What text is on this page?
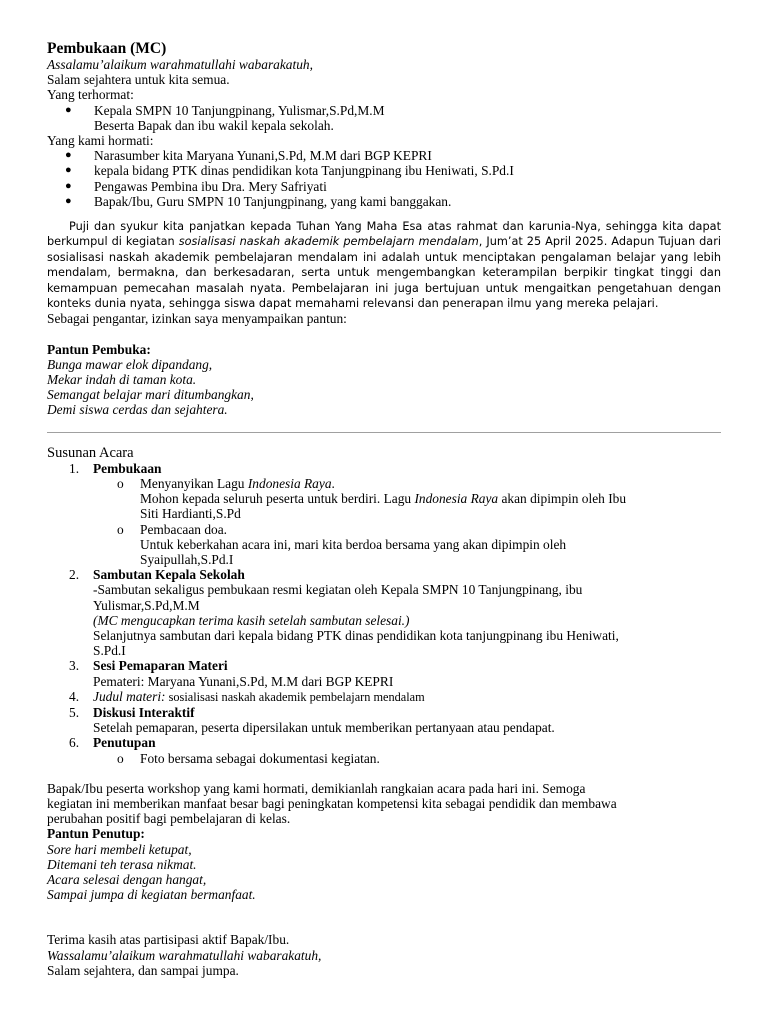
Pembukaan (MC)
Assalamu’alaikum warahmatullahi wabarakatuh,
Salam sejahtera untuk kita semua.
Yang terhormat:
● Kepala SMPN 10 Tanjungpinang, Yulismar,S.Pd,M.M
Beserta Bapak dan ibu wakil kepala sekolah.
Yang kami hormati:
● Narasumber kita Maryana Yunani,S.Pd, M.M dari BGP KEPRI
● kepala bidang PTK dinas pendidikan kota Tanjungpinang ibu Heniwati, S.Pd.I
● Pengawas Pembina ibu Dra. Mery Safriyati
● Bapak/Ibu, Guru SMPN 10 Tanjungpinang, yang kami banggakan.
Puji dan syukur kita panjatkan kepada Tuhan Yang Maha Esa atas rahmat dan karunia-Nya, sehingga kita dapat berkumpul di kegiatan sosialisasi naskah akademik pembelajarn mendalam, Jum’at 25 April 2025. Adapun Tujuan dari sosialisasi naskah akademik pembelajaran mendalam ini adalah untuk menciptakan pengalaman belajar yang lebih mendalam, bermakna, dan berkesadaran, serta untuk mengembangkan keterampilan berpikir tingkat tinggi dan kemampuan pemecahan masalah nyata. Pembelajaran ini juga bertujuan untuk mengaitkan pengetahuan dengan konteks dunia nyata, sehingga siswa dapat memahami relevansi dan penerapan ilmu yang mereka pelajari.
Sebagai pengantar, izinkan saya menyampaikan pantun:
Pantun Pembuka:
Bunga mawar elok dipandang,
Mekar indah di taman kota.
Semangat belajar mari ditumbangkan,
Demi siswa cerdas dan sejahtera.
Susunan Acara
1. Pembukaan
o Menyanyikan Lagu Indonesia Raya.
Mohon kepada seluruh peserta untuk berdiri. Lagu Indonesia Raya akan dipimpin oleh Ibu
Siti Hardianti,S.Pd
o Pembacaan doa.
Untuk keberkahan acara ini, mari kita berdoa bersama yang akan dipimpin oleh
Syaipullah,S.Pd.I
2. Sambutan Kepala Sekolah
-Sambutan sekaligus pembukaan resmi kegiatan oleh Kepala SMPN 10 Tanjungpinang, ibu
Yulismar,S.Pd,M.M
(MC mengucapkan terima kasih setelah sambutan selesai.)
Selanjutnya sambutan dari kepala bidang PTK dinas pendidikan kota tanjungpinang ibu Heniwati,
S.Pd.I
3. Sesi Pemaparan Materi
Pemateri: Maryana Yunani,S.Pd, M.M dari BGP KEPRI
4. Judul materi: sosialisasi naskah akademik pembelajarn mendalam
5. Diskusi Interaktif
Setelah pemaparan, peserta dipersilakan untuk memberikan pertanyaan atau pendapat.
6. Penutupan
o Foto bersama sebagai dokumentasi kegiatan.
Bapak/Ibu peserta workshop yang kami hormati, demikianlah rangkaian acara pada hari ini. Semoga
kegiatan ini memberikan manfaat besar bagi peningkatan kompetensi kita sebagai pendidik dan membawa
perubahan positif bagi pembelajaran di kelas.
Pantun Penutup:
Sore hari membeli ketupat,
Ditemani teh terasa nikmat.
Acara selesai dengan hangat,
Sampai jumpa di kegiatan bermanfaat.
Terima kasih atas partisipasi aktif Bapak/Ibu.
Wassalamu’alaikum warahmatullahi wabarakatuh,
Salam sejahtera, dan sampai jumpa.
